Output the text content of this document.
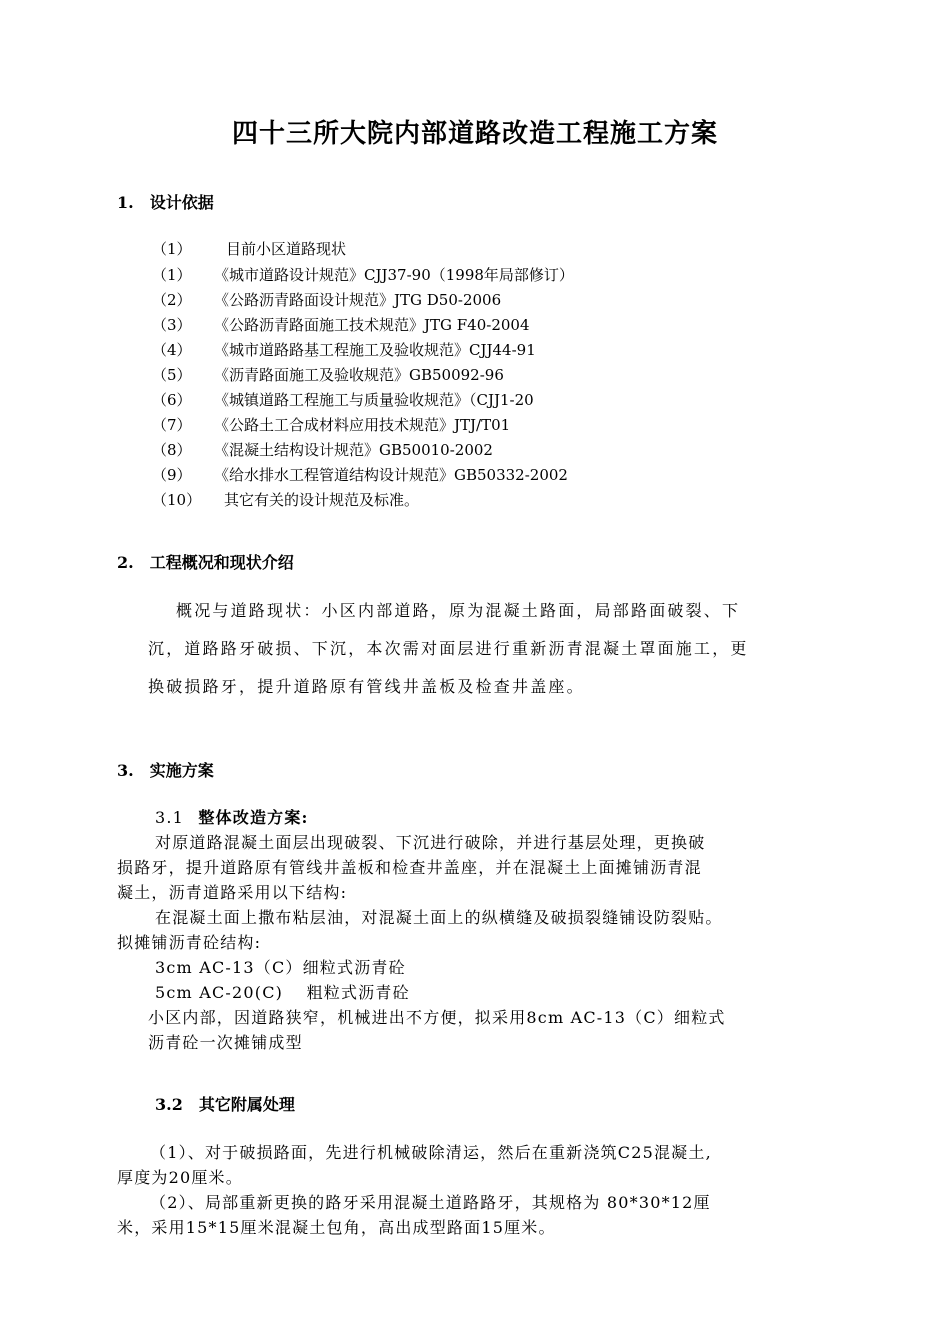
四十三所大院内部道路改造工程施工方案
1.　设计依据
（1） 目前小区道路现状
（1） 《城市道路设计规范》CJJ37-90（1998年局部修订）
（2） 《公路沥青路面设计规范》JTG D50-2006
（3） 《公路沥青路面施工技术规范》JTG F40-2004
（4） 《城市道路路基工程施工及验收规范》CJJ44-91
（5） 《沥青路面施工及验收规范》GB50092-96
（6） 《城镇道路工程施工与质量验收规范》（CJJ1-20
（7） 《公路土工合成材料应用技术规范》JTJ/T01
（8） 《混凝土结构设计规范》GB50010-2002
（9） 《给水排水工程管道结构设计规范》GB50332-2002
（10） 其它有关的设计规范及标准。
2.　工程概况和现状介绍
概况与道路现状：小区内部道路，原为混凝土路面，局部路面破裂、下
沉，道路路牙破损、下沉，本次需对面层进行重新沥青混凝土罩面施工，更
换破损路牙，提升道路原有管线井盖板及检查井盖座。
3.　实施方案
3.1 整体改造方案:
对原道路混凝土面层出现破裂、下沉进行破除，并进行基层处理，更换破
损路牙，提升道路原有管线井盖板和检查井盖座，并在混凝土上面摊铺沥青混
凝土，沥青道路采用以下结构:
在混凝土面上撒布粘层油，对混凝土面上的纵横缝及破损裂缝铺设防裂贴。
拟摊铺沥青砼结构:
3cm AC-13（C）细粒式沥青砼
5cm AC-20(C)　 粗粒式沥青砼
小区内部，因道路狭窄，机械进出不方便，拟采用8cm AC-13（C）细粒式
沥青砼一次摊铺成型
3.2　其它附属处理
（1）、对于破损路面，先进行机械破除清运，然后在重新浇筑C25混凝土,
厚度为20厘米。
（2）、局部重新更换的路牙采用混凝土道路路牙，其规格为 80*30*12厘
米，采用15*15厘米混凝土包角，高出成型路面15厘米。
